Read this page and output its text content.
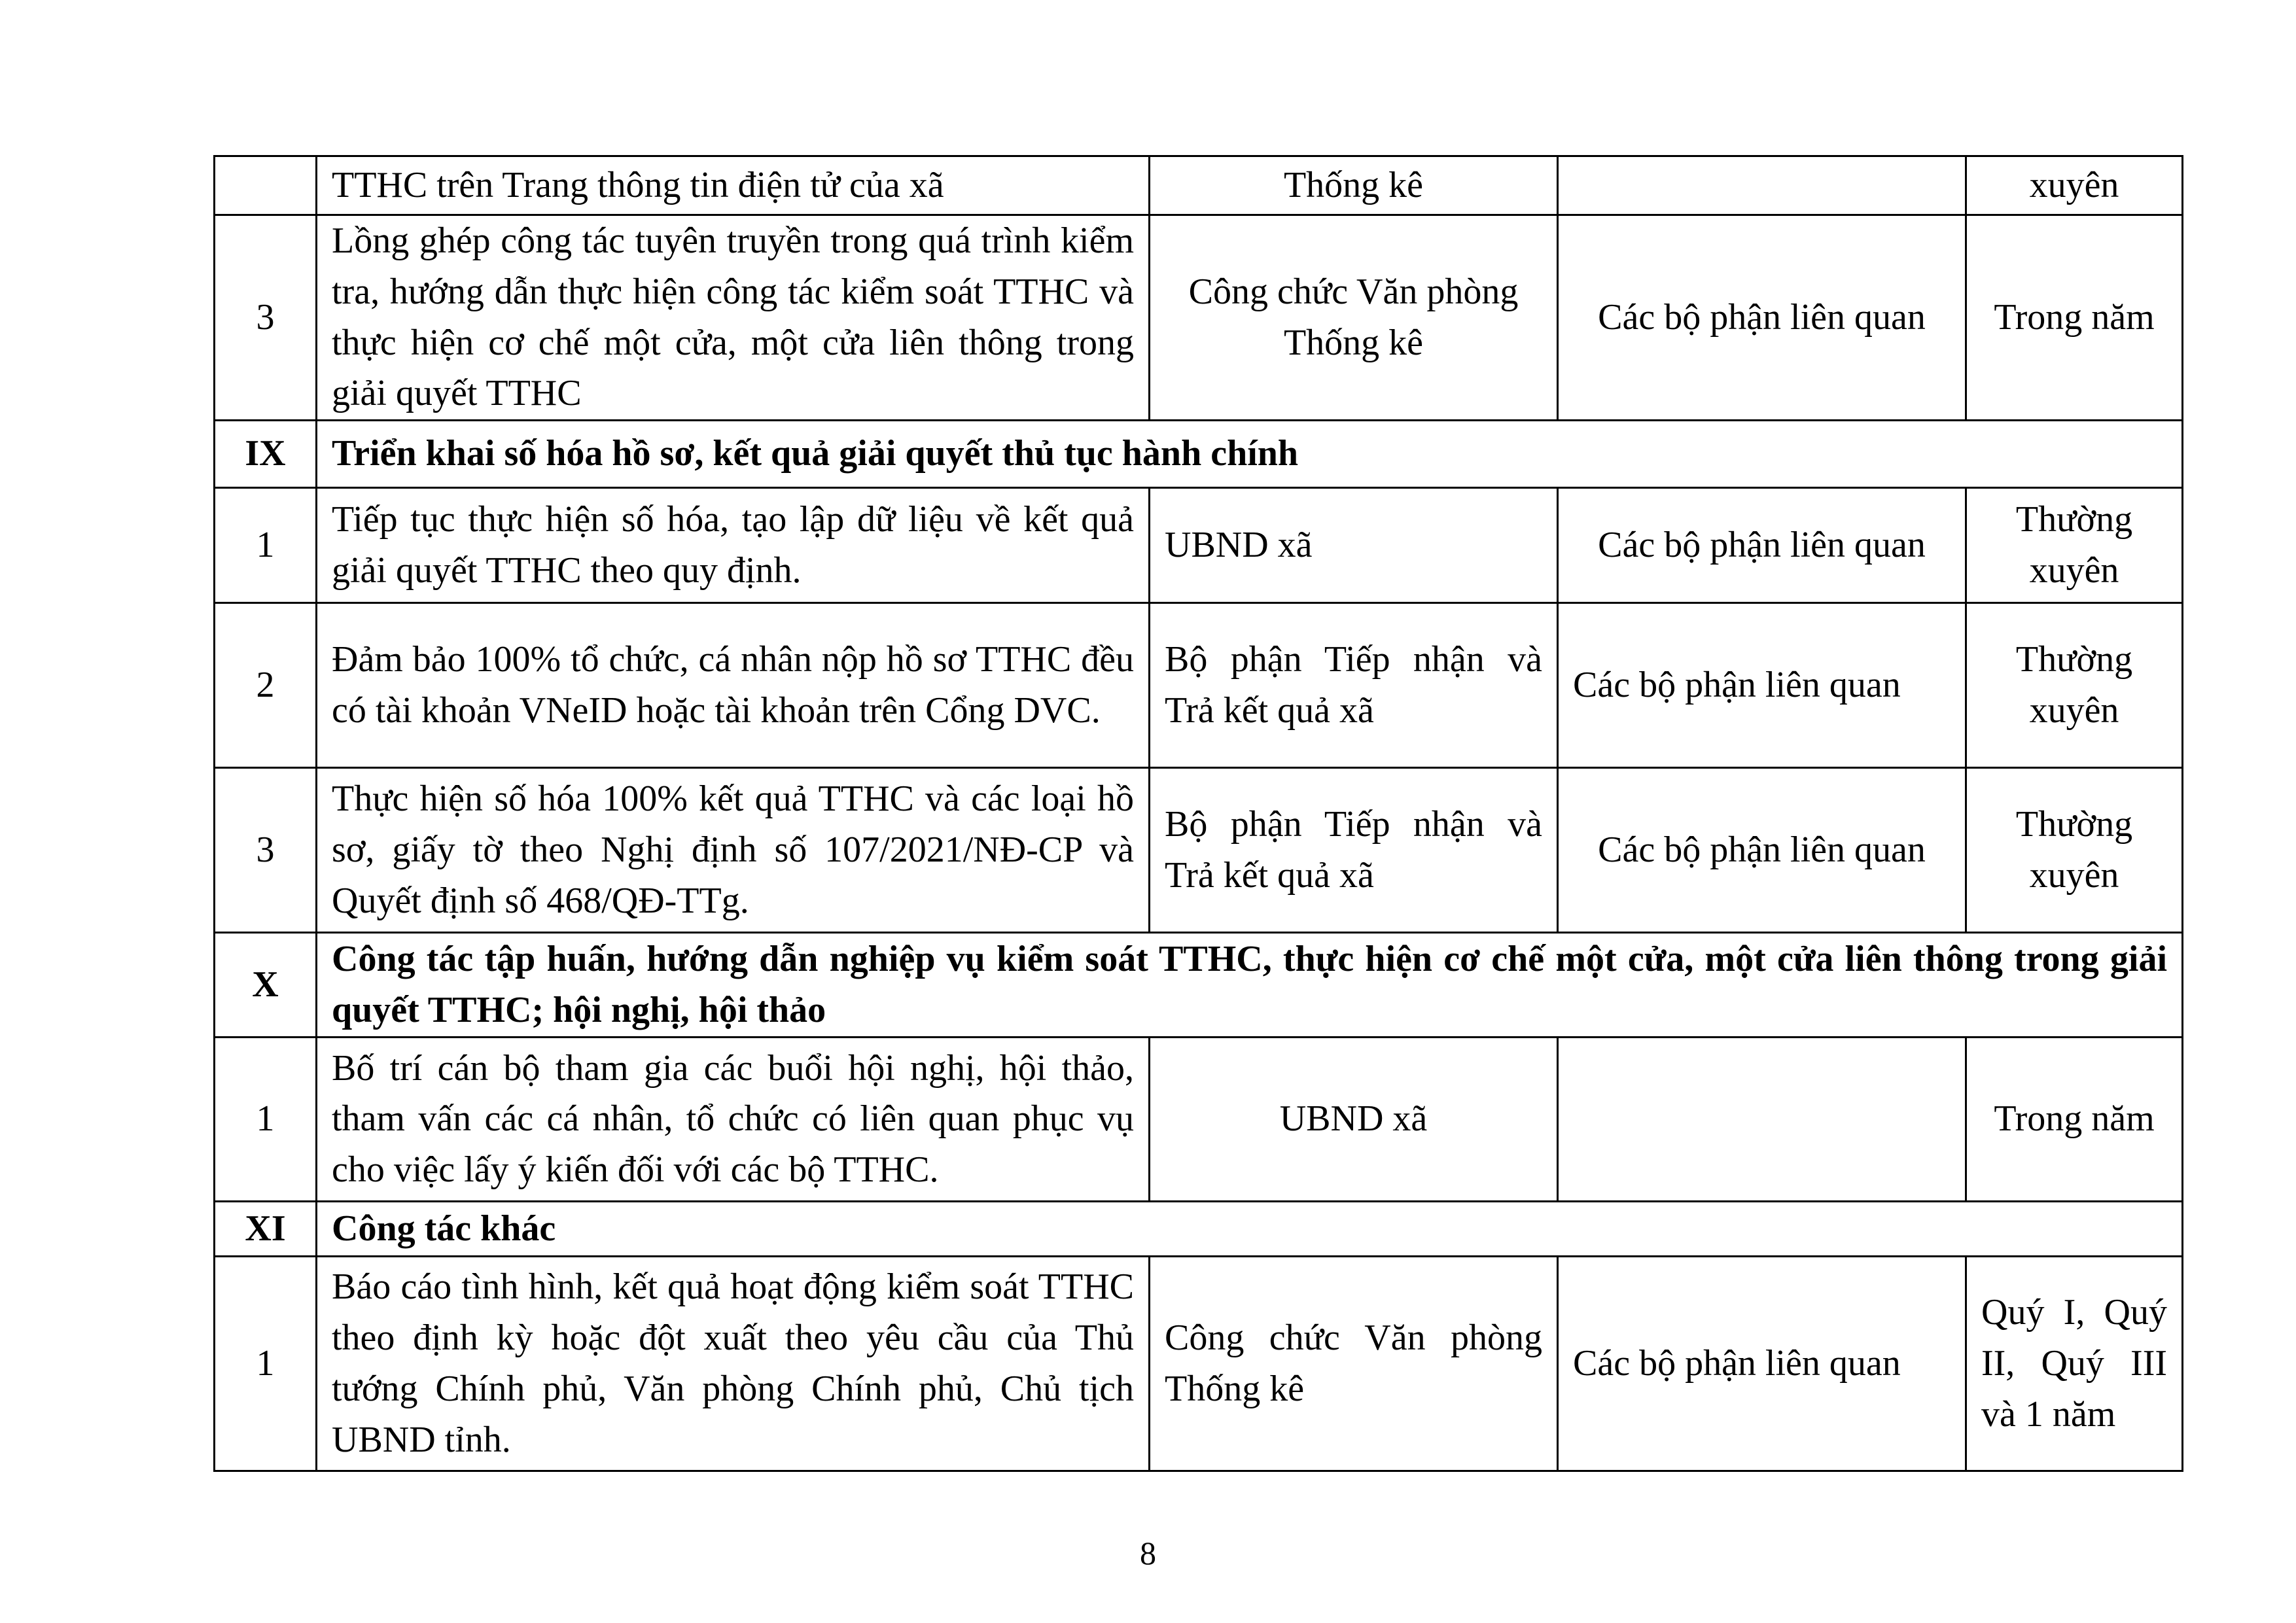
	TTHC trên Trang thông tin điện tử của xã	Thống kê		xuyên
3	Lồng ghép công tác tuyên truyền trong quá trình kiểm tra, hướng dẫn thực hiện công tác kiểm soát TTHC và thực hiện cơ chế một cửa, một cửa liên thông trong giải quyết TTHC	Công chức Văn phòng Thống kê	Các bộ phận liên quan	Trong năm
IX	Triển khai số hóa hồ sơ, kết quả giải quyết thủ tục hành chính			
1	Tiếp tục thực hiện số hóa, tạo lập dữ liệu về kết quả giải quyết TTHC theo quy định.	UBND xã	Các bộ phận liên quan	Thường xuyên
2	Đảm bảo 100% tổ chức, cá nhân nộp hồ sơ TTHC đều có tài khoản VNeID hoặc tài khoản trên Cổng DVC.	Bộ phận Tiếp nhận và Trả kết quả xã	Các bộ phận liên quan	Thường xuyên
3	Thực hiện số hóa 100% kết quả TTHC và các loại hồ sơ, giấy tờ theo Nghị định số 107/2021/NĐ-CP và Quyết định số 468/QĐ-TTg.	Bộ phận Tiếp nhận và Trả kết quả xã	Các bộ phận liên quan	Thường xuyên
X	Công tác tập huấn, hướng dẫn nghiệp vụ kiểm soát TTHC, thực hiện cơ chế một cửa, một cửa liên thông trong giải quyết TTHC; hội nghị, hội thảo			
1	Bố trí cán bộ tham gia các buổi hội nghị, hội thảo, tham vấn các cá nhân, tổ chức có liên quan phục vụ cho việc lấy ý kiến đối với các bộ TTHC.	UBND xã		Trong năm

XI	Công tác khác			
1	Báo cáo tình hình, kết quả hoạt động kiểm soát TTHC theo định kỳ hoặc đột xuất theo yêu cầu của Thủ tướng Chính phủ, Văn phòng Chính phủ, Chủ tịch UBND tỉnh.	Công chức Văn phòng Thống kê	Các bộ phận liên quan	Quý I, Quý II, Quý III và 1 năm
8
